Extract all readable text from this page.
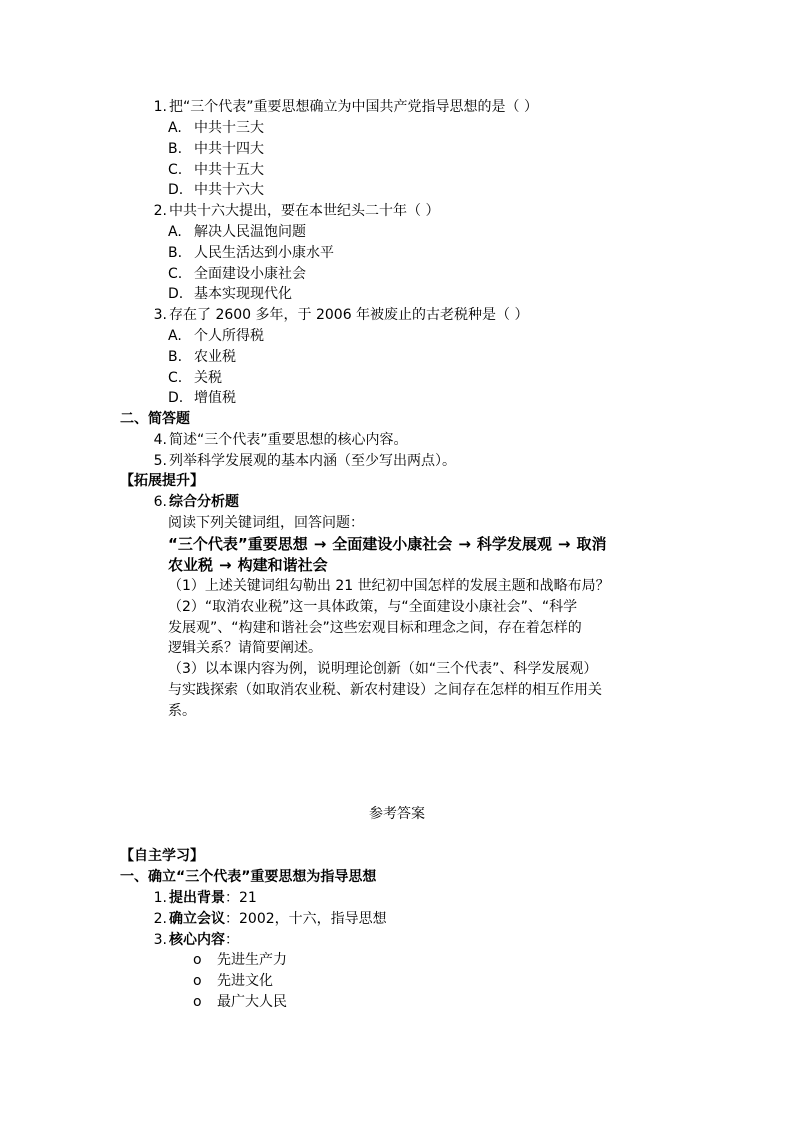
1. 把“三个代表”重要思想确立为中国共产党指导思想的是（ ）
A. 中共十三大
B. 中共十四大
C. 中共十五大
D. 中共十六大
2. 中共十六大提出，要在本世纪头二十年（ ）
A. 解决人民温饱问题
B. 人民生活达到小康水平
C. 全面建设小康社会
D. 基本实现现代化
3. 存在了 2600 多年，于 2006 年被废止的古老税种是（ ）
A. 个人所得税
B. 农业税
C. 关税
D. 增值税
二、简答题
4. 简述“三个代表”重要思想的核心内容。
5. 列举科学发展观的基本内涵（至少写出两点）。
【拓展提升】
6. 综合分析题
阅读下列关键词组，回答问题：
“三个代表”重要思想 → 全面建设小康社会 → 科学发展观 → 取消
农业税 → 构建和谐社会
（1）上述关键词组勾勒出 21 世纪初中国怎样的发展主题和战略布局？
（2）“取消农业税”这一具体政策，与“全面建设小康社会”、“科学
发展观”、“构建和谐社会”这些宏观目标和理念之间，存在着怎样的
逻辑关系？请简要阐述。
（3）以本课内容为例，说明理论创新（如“三个代表”、科学发展观）
与实践探索（如取消农业税、新农村建设）之间存在怎样的相互作用关
系。
参考答案
【自主学习】
一、确立“三个代表”重要思想为指导思想
1. 提出背景：21
2. 确立会议：2002，十六，指导思想
3. 核心内容：
o 先进生产力
o 先进文化
o 最广大人民
